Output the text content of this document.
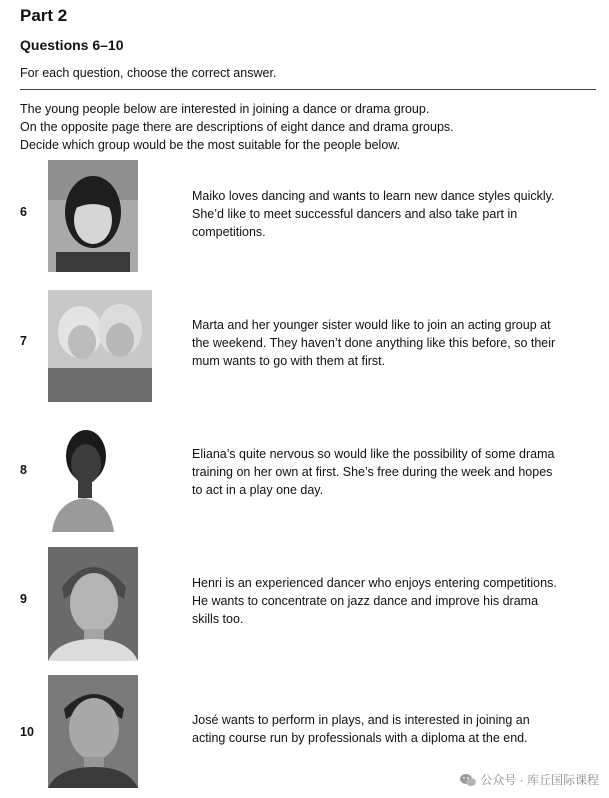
Part 2
Questions 6–10

For each question, choose the correct answer.

The young people below are interested in joining a dance or drama group.

On the opposite page there are descriptions of eight dance and drama groups.

Decide which group would be the most suitable for the people below.

6
Maiko loves dancing and wants to learn new dance styles quickly.
She’d like to meet successful dancers and also take part in
competitions.
7
Marta and her younger sister would like to join an acting group at
the weekend. They haven’t done anything like this before, so their
mum wants to go with them at first.
8
Eliana’s quite nervous so would like the possibility of some drama
training on her own at first. She’s free during the week and hopes
to act in a play one day.
9
Henri is an experienced dancer who enjoys entering competitions.
He wants to concentrate on jazz dance and improve his drama
skills too.
10
José wants to perform in plays, and is interested in joining an
acting course run by professionals with a diploma at the end.
公众号 · 库丘国际课程
